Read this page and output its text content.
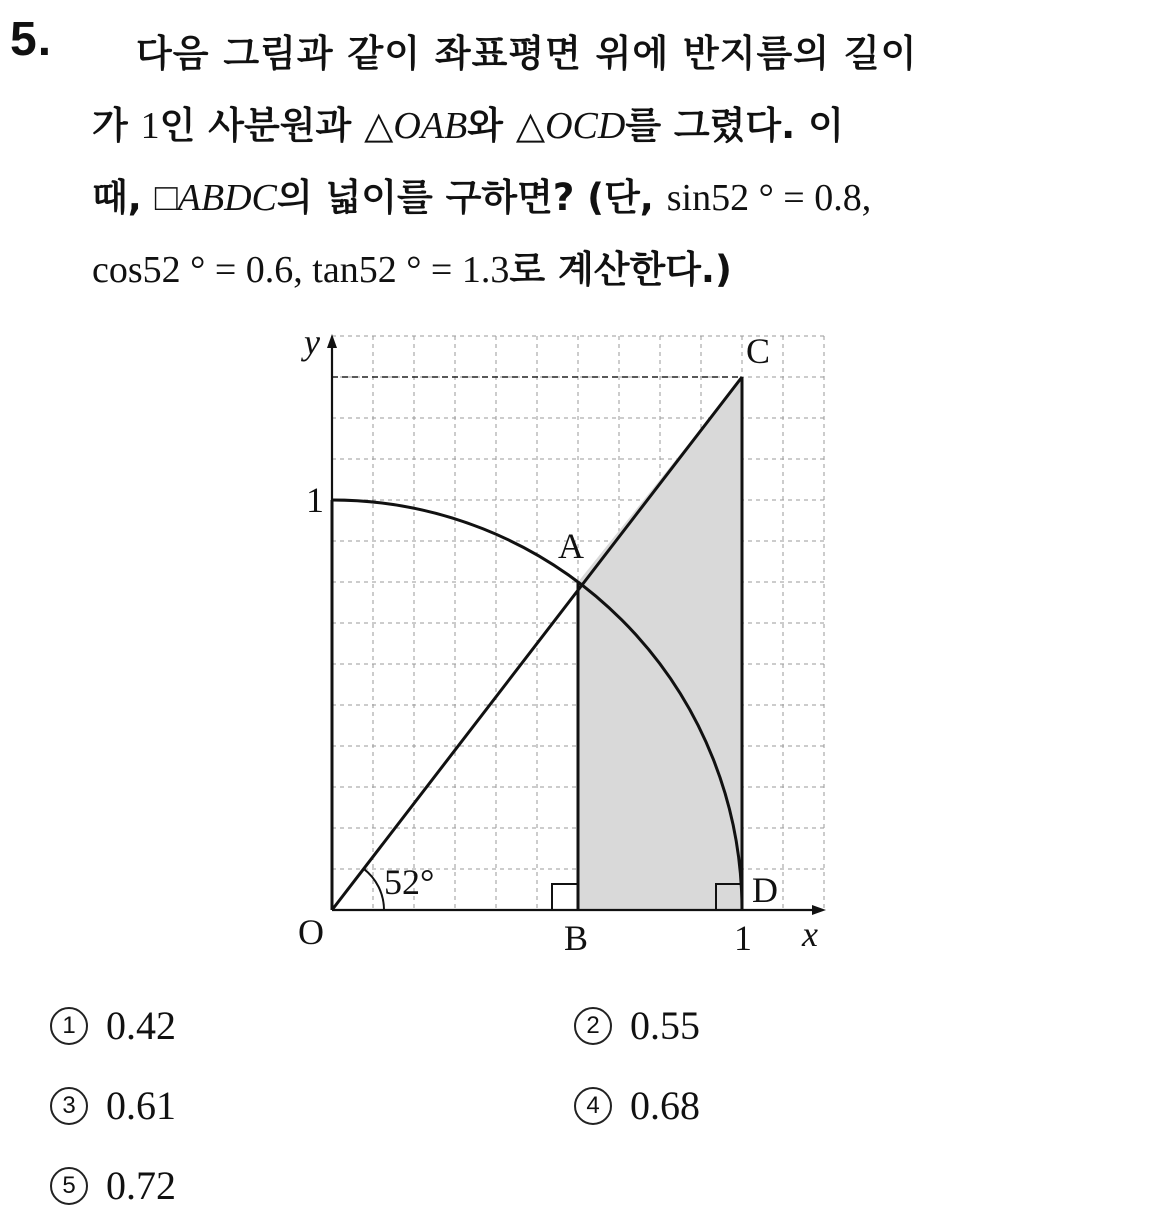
5.	다음 그림과 같이 좌표평면 위에 반지름의 길이
가 1인 사분원과 △OAB와 △OCD를 그렸다. 이
때, □ABDC의 넓이를 구하면? (단, sin52 ° = 0.8,
cos52 ° = 0.6, tan52 ° = 1.3로 계산한다.)
y
x
O
A
B
C
D
1
1
52°
1 0.42	2 0.55
3 0.61	4 0.68
5 0.72
